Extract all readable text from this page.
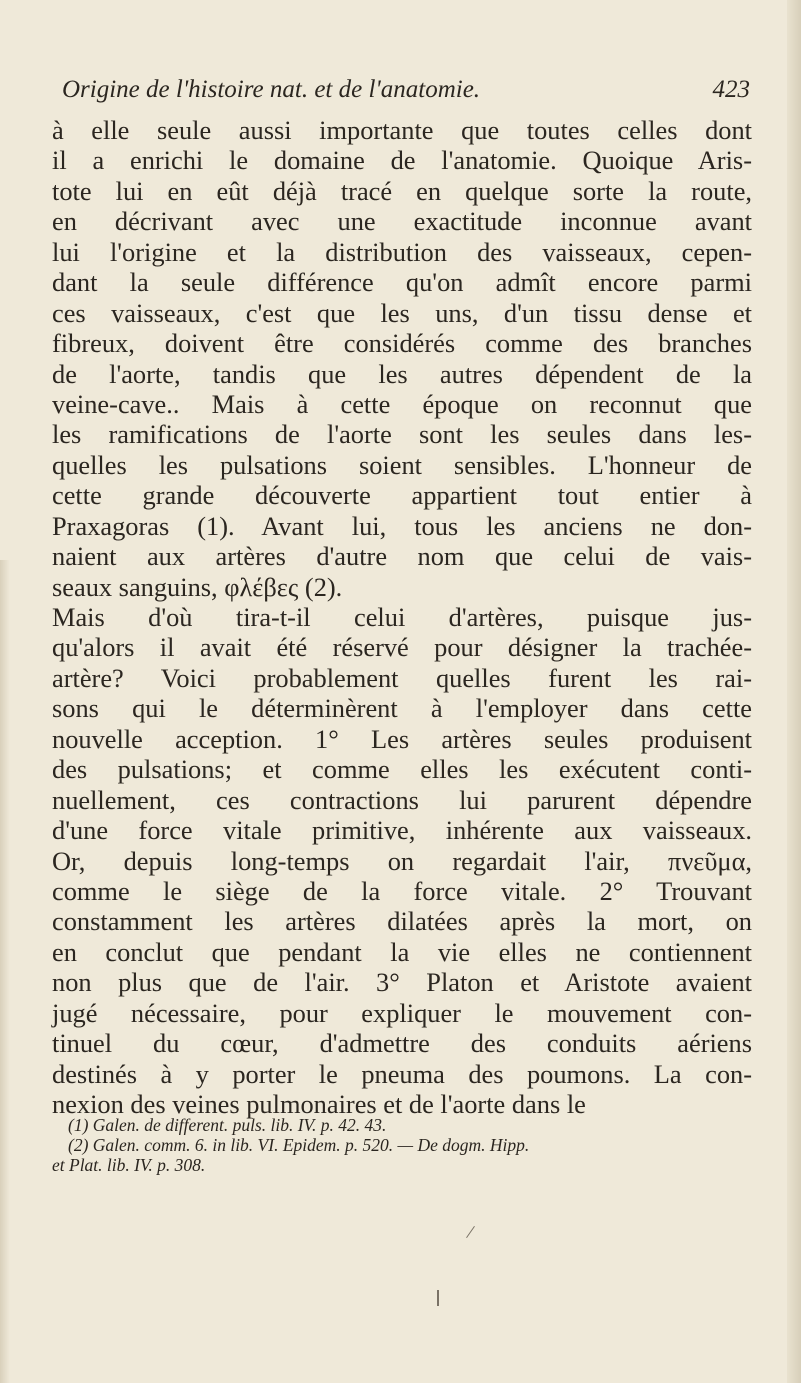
Origine de l'histoire nat. et de l'anatomie.	423
à elle seule aussi importante que toutes celles dont
il a enrichi le domaine de l'anatomie. Quoique Aris-
tote lui en eût déjà tracé en quelque sorte la route,
en décrivant avec une exactitude inconnue avant
lui l'origine et la distribution des vaisseaux, cepen-
dant la seule différence qu'on admît encore parmi
ces vaisseaux, c'est que les uns, d'un tissu dense et
fibreux, doivent être considérés comme des branches
de l'aorte, tandis que les autres dépendent de la
veine-cave.. Mais à cette époque on reconnut que
les ramifications de l'aorte sont les seules dans les-
quelles les pulsations soient sensibles. L'honneur de
cette grande découverte appartient tout entier à
Praxagoras (1). Avant lui, tous les anciens ne don-
naient aux artères d'autre nom que celui de vais-
seaux sanguins, φλέβες (2).
Mais d'où tira-t-il celui d'artères, puisque jus-
qu'alors il avait été réservé pour désigner la trachée-
artère? Voici probablement quelles furent les rai-
sons qui le déterminèrent à l'employer dans cette
nouvelle acception. 1° Les artères seules produisent
des pulsations; et comme elles les exécutent conti-
nuellement, ces contractions lui parurent dépendre
d'une force vitale primitive, inhérente aux vaisseaux.
Or, depuis long-temps on regardait l'air, πνεῦμα,
comme le siège de la force vitale. 2° Trouvant
constamment les artères dilatées après la mort, on
en conclut que pendant la vie elles ne contiennent
non plus que de l'air. 3° Platon et Aristote avaient
jugé nécessaire, pour expliquer le mouvement con-
tinuel du cœur, d'admettre des conduits aériens
destinés à y porter le pneuma des poumons. La con-
nexion des veines pulmonaires et de l'aorte dans le
(1) Galen. de different. puls. lib. IV. p. 42. 43.
(2) Galen. comm. 6. in lib. VI. Epidem. p. 520. — De dogm. Hipp.
et Plat. lib. IV. p. 308.
